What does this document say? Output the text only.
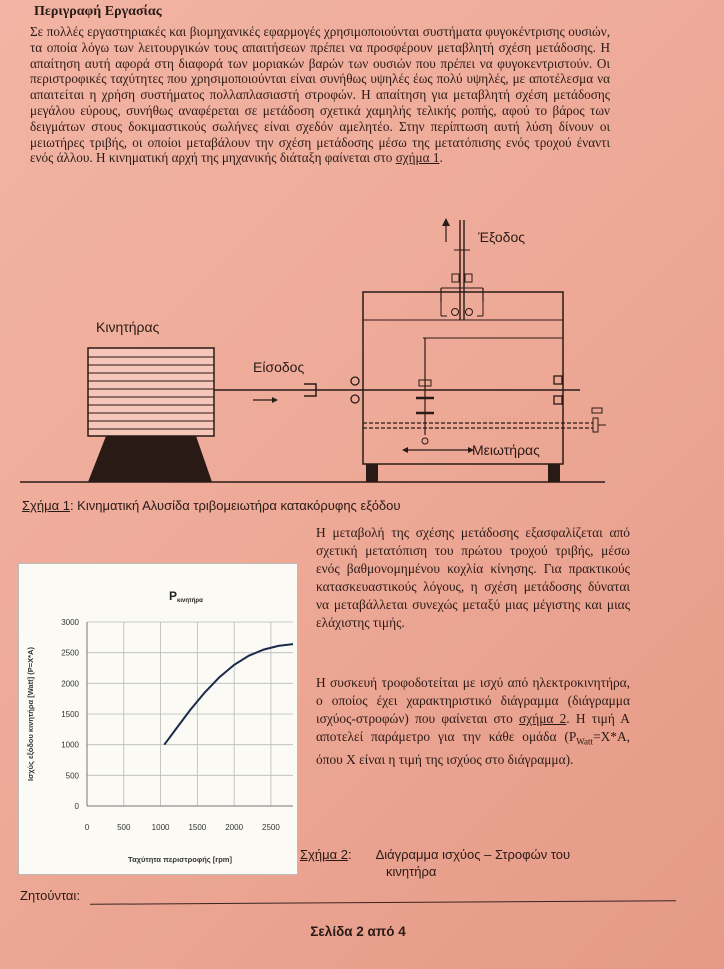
Περιγραφή Εργασίας
Σε πολλές εργαστηριακές και βιομηχανικές εφαρμογές χρησιμοποιούνται συστήματα φυγοκέντρισης ουσιών, τα οποία λόγω των λειτουργικών τους απαιτήσεων πρέπει να προσφέρουν μεταβλητή σχέση μετάδοσης. Η απαίτηση αυτή αφορά στη διαφορά των μοριακών βαρών των ουσιών που πρέπει να φυγοκεντριστούν. Οι περιστροφικές ταχύτητες που χρησιμοποιούνται είναι συνήθως υψηλές έως πολύ υψηλές, με αποτέλεσμα να απαιτείται η χρήση συστήματος πολλαπλασιαστή στροφών. Η απαίτηση για μεταβλητή σχέση μετάδοσης μεγάλου εύρους, συνήθως αναφέρεται σε μετάδοση σχετικά χαμηλής τελικής ροπής, αφού το βάρος των δειγμάτων στους δοκιμαστικούς σωλήνες είναι σχεδόν αμελητέο. Στην περίπτωση αυτή λύση δίνουν οι μειωτήρες τριβής, οι οποίοι μεταβάλουν την σχέση μετάδοσης μέσω της μετατόπισης ενός τροχού έναντι ενός άλλου. Η κινηματική αρχή της μηχανικής διάταξη φαίνεται στο σχήμα 1.
Κινητήρας
Είσοδος
Μειωτήρας
Έξοδος
Σχήμα 1: Κινηματική Αλυσίδα τριβομειωτήρα κατακόρυφης εξόδου
Η μεταβολή της σχέσης μετάδοσης εξασφαλίζεται από σχετική μετατόπιση του πρώτου τροχού τριβής, μέσω ενός βαθμονομημένου κοχλία κίνησης. Για πρακτικούς κατασκευαστικούς λόγους, η σχέση μετάδοσης δύναται να μεταβάλλεται συνεχώς μεταξύ μιας μέγιστης και μιας ελάχιστης τιμής.
Η συσκευή τροφοδοτείται με ισχύ από ηλεκτροκινητήρα, ο οποίος έχει χαρακτηριστικό διάγραμμα (διάγραμμα ισχύος-στροφών) που φαίνεται στο σχήμα 2. Η τιμή Α αποτελεί παράμετρο για την κάθε ομάδα ($P_{Watt}=X*A$, όπου X είναι η τιμή της ισχύος στο διάγραμμα).
Pκινητήρα
0
500
1000
1500
2000
2500
3000
0	500	1000 1500 2000 2500
Ταχύτητα περιστροφής [rpm]
Ισχύς εξόδου κινητήρα [Watt] (P=X*A)
Σχήμα 2: Διάγραμμα ισχύος – Στροφών του
κινητήρα
Ζητούνται:
Σελίδα 2 από 4
